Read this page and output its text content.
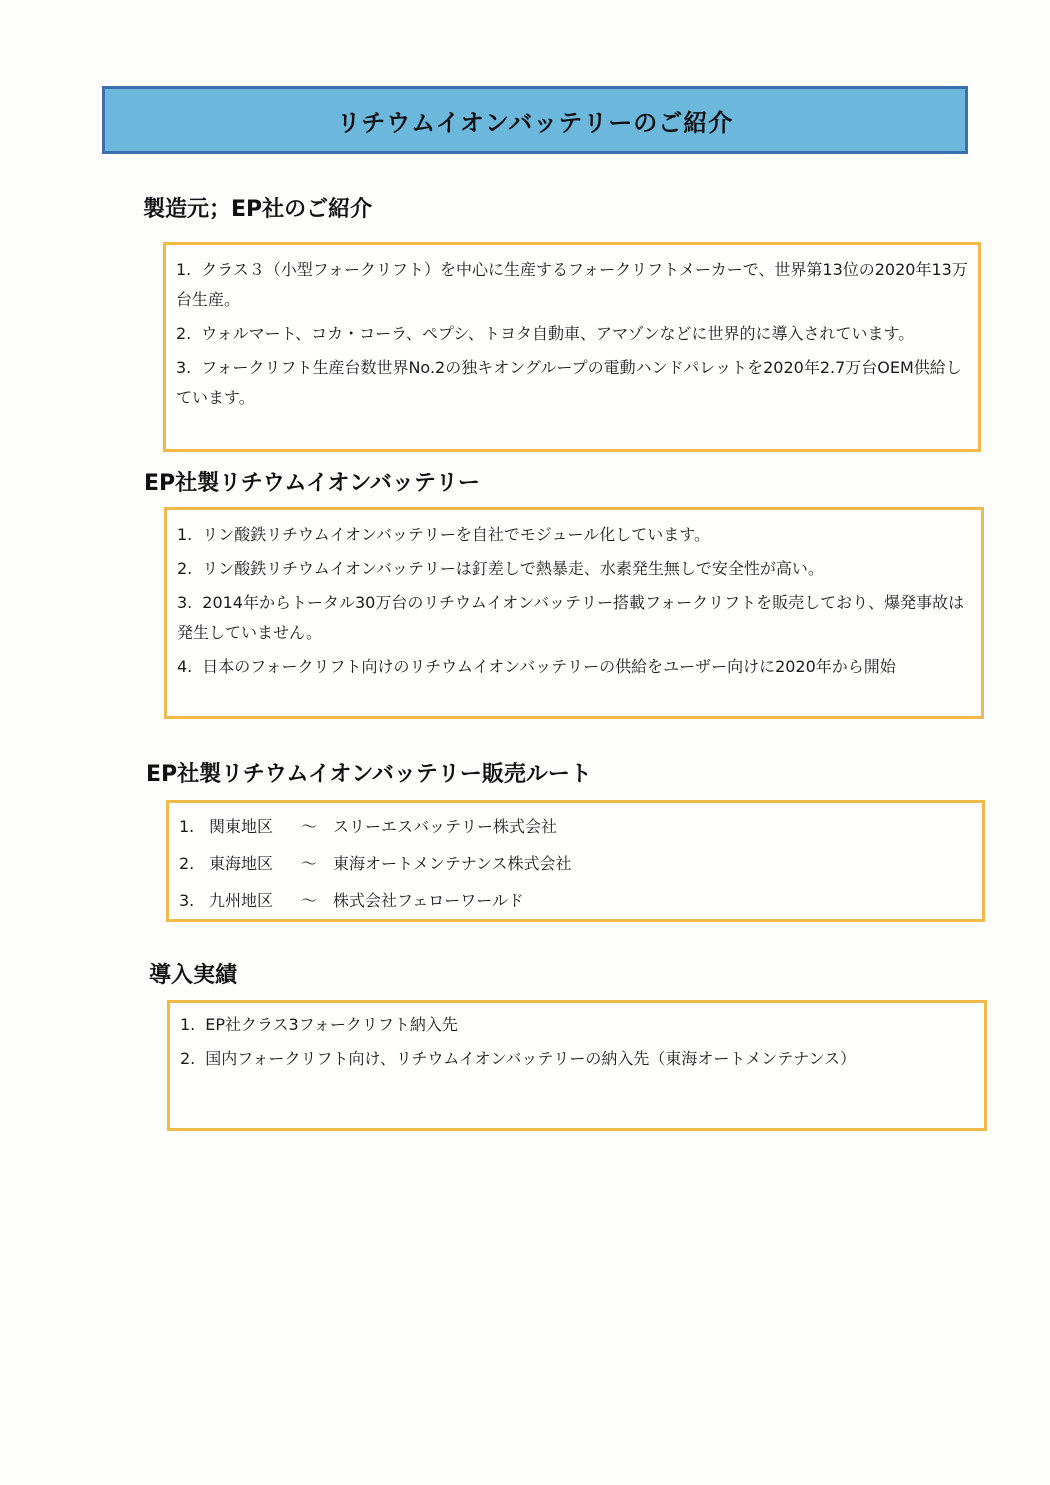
リチウムイオンバッテリーのご紹介
製造元；EP社のご紹介
1. クラス３（小型フォークリフト）を中心に生産するフォークリフトメーカーで、世界第13位の2020年13万台生産。
2. ウォルマート、コカ・コーラ、ペプシ、トヨタ自動車、アマゾンなどに世界的に導入されています。
3. フォークリフト生産台数世界No.2の独キオングループの電動ハンドパレットを2020年2.7万台OEM供給しています。
EP社製リチウムイオンバッテリー
1. リン酸鉄リチウムイオンバッテリーを自社でモジュール化しています。
2. リン酸鉄リチウムイオンバッテリーは釘差しで熱暴走、水素発生無しで安全性が高い。
3. 2014年からトータル30万台のリチウムイオンバッテリー搭載フォークリフトを販売しており、爆発事故は発生していません。
4. 日本のフォークリフト向けのリチウムイオンバッテリーの供給をユーザー向けに2020年から開始
EP社製リチウムイオンバッテリー販売ルート
1. 関東地区	〜 スリーエスバッテリー株式会社
2. 東海地区	〜 東海オートメンテナンス株式会社
3. 九州地区	〜 株式会社フェローワールド
導入実績
1. EP社クラス3フォークリフト納入先
2. 国内フォークリフト向け、リチウムイオンバッテリーの納入先（東海オートメンテナンス）
